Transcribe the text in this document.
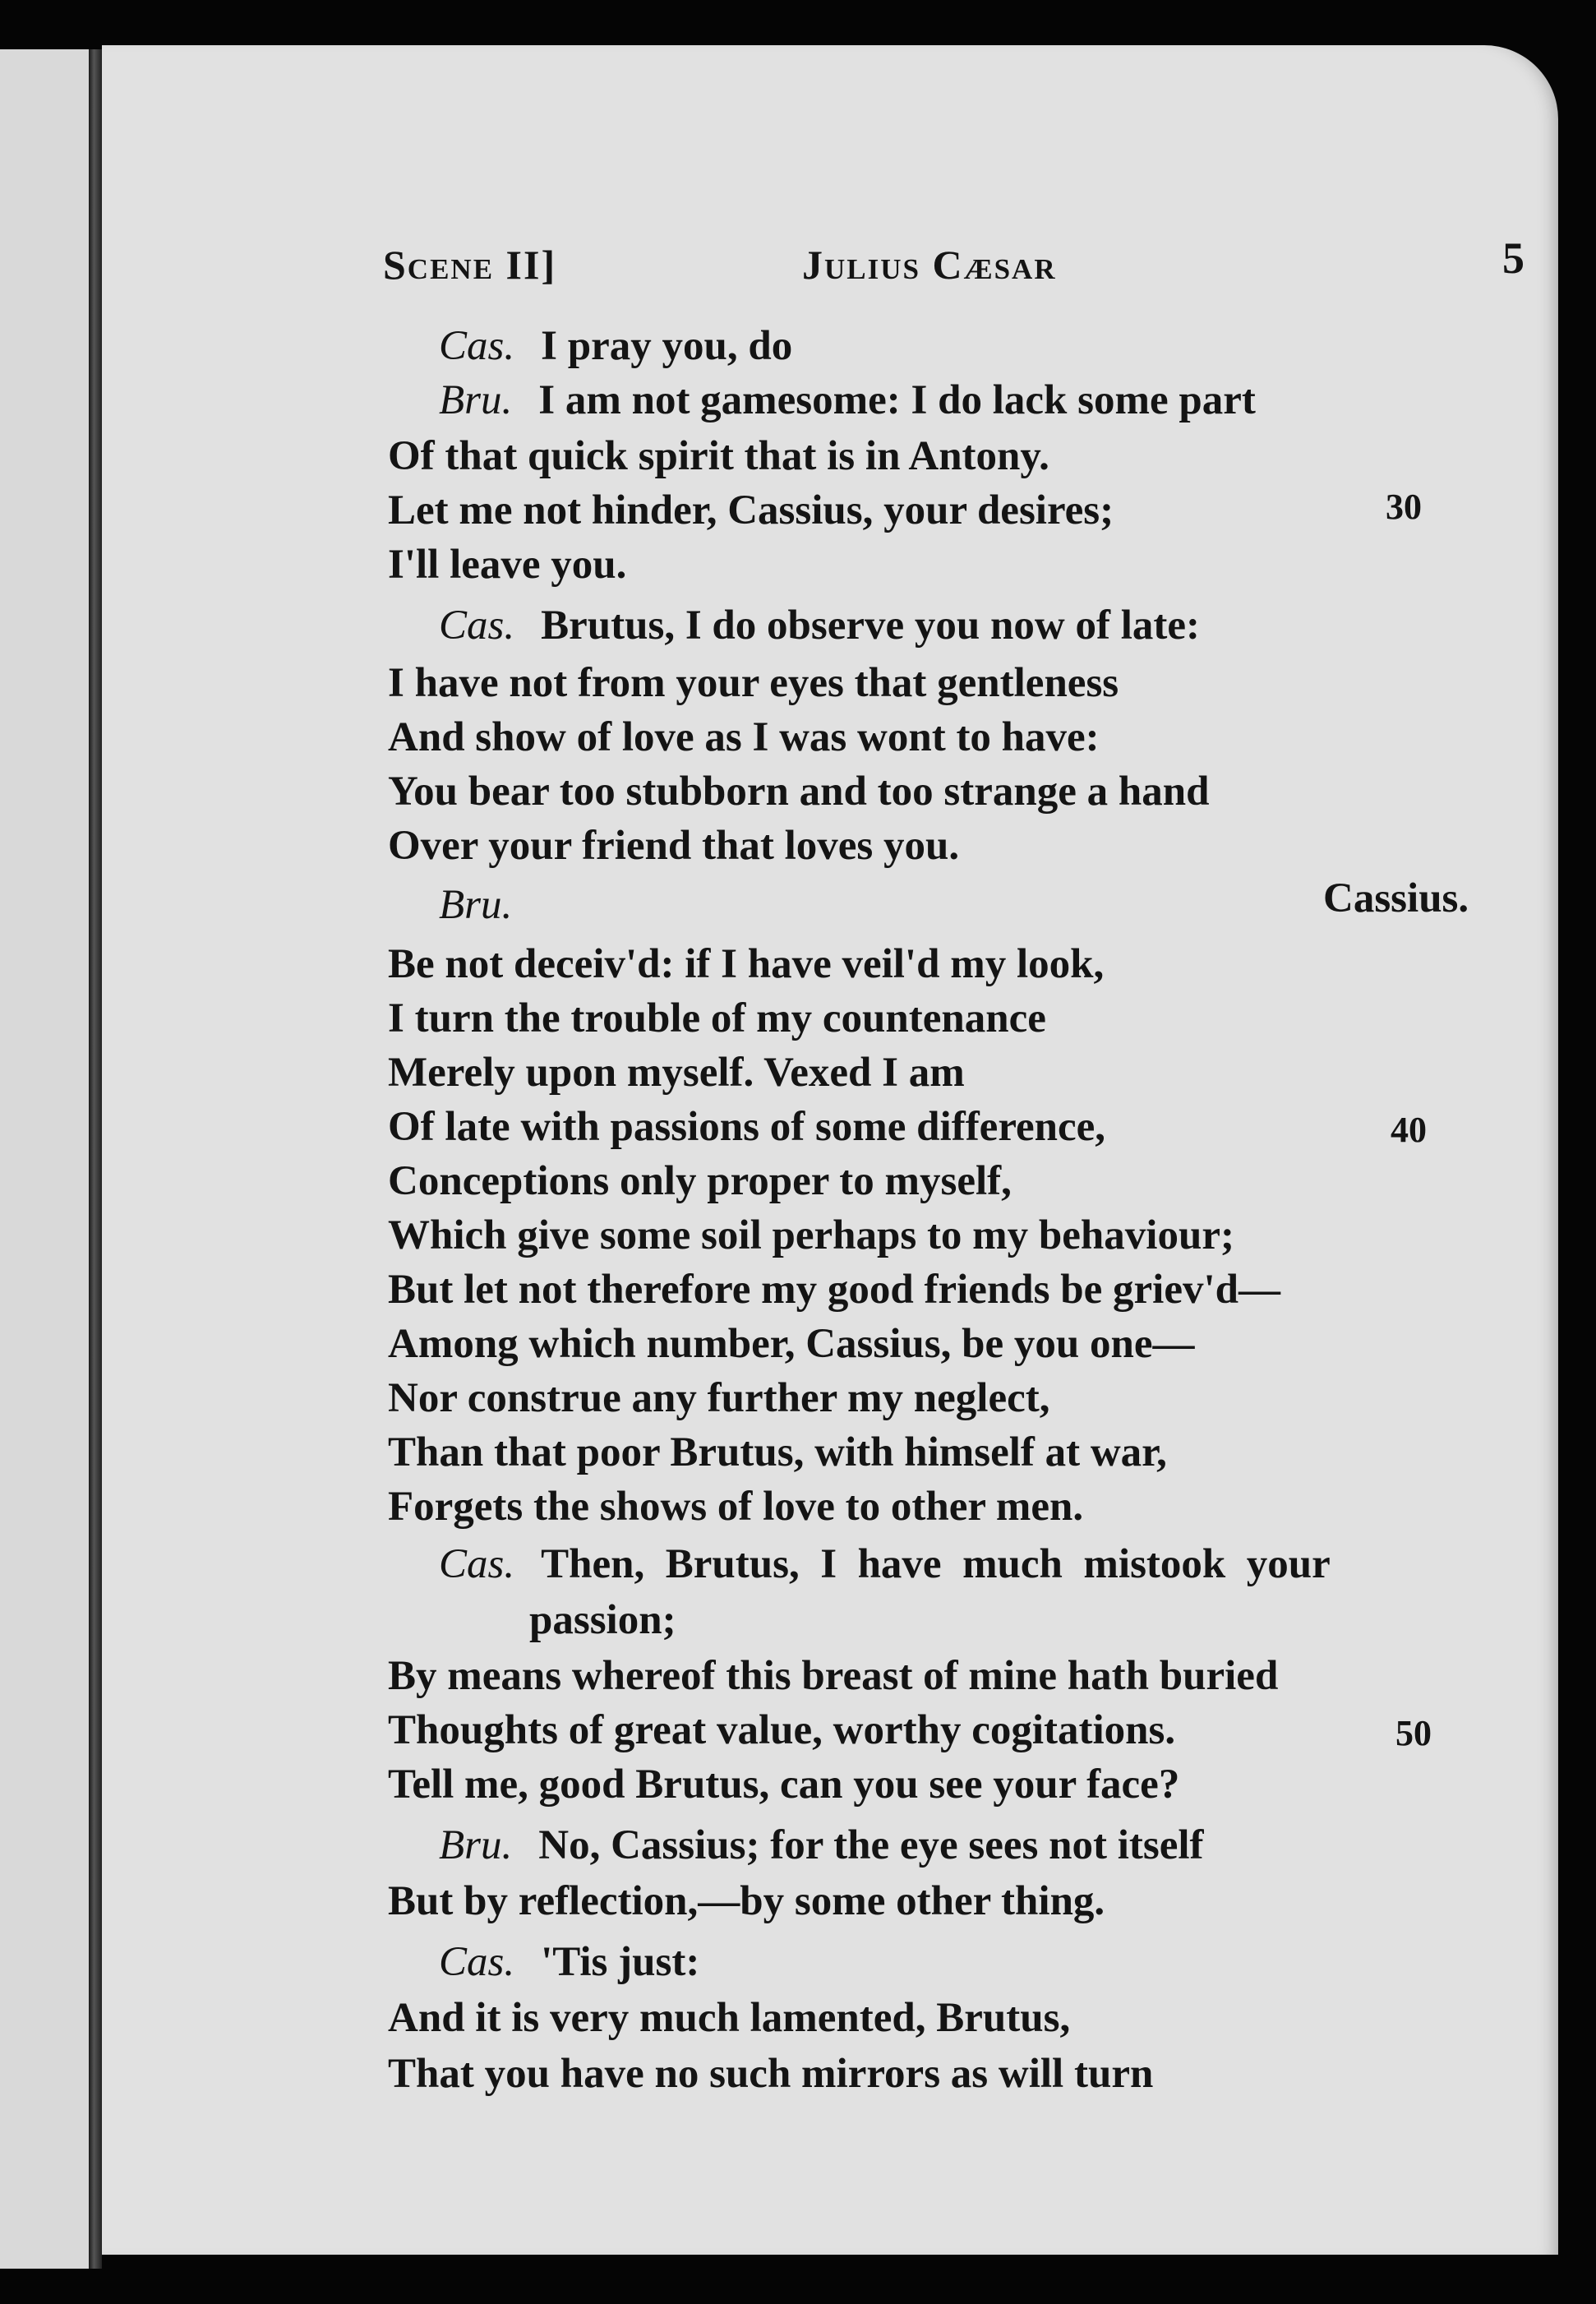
Scene II]	Julius Cæsar	5
Cas. I pray you, do
Bru. I am not gamesome: I do lack some part
Of that quick spirit that is in Antony.
Let me not hinder, Cassius, your desires;
I'll leave you.
Cas. Brutus, I do observe you now of late:
I have not from your eyes that gentleness
And show of love as I was wont to have:
You bear too stubborn and too strange a hand
Over your friend that loves you.
Bru.	Cassius.
Be not deceiv'd: if I have veil'd my look,
I turn the trouble of my countenance
Merely upon myself. Vexed I am
Of late with passions of some difference,
Conceptions only proper to myself,
Which give some soil perhaps to my behaviour;
But let not therefore my good friends be griev'd—
Among which number, Cassius, be you one—
Nor construe any further my neglect,
Than that poor Brutus, with himself at war,
Forgets the shows of love to other men.
Cas. Then,  Brutus,  I  have  much  mistook  your
passion;
By means whereof this breast of mine hath buried
Thoughts of great value, worthy cogitations.
Tell me, good Brutus, can you see your face?
Bru. No, Cassius; for the eye sees not itself
But by reflection,—by some other thing.
Cas. 'Tis just:
And it is very much lamented, Brutus,
That you have no such mirrors as will turn
30
40
50
